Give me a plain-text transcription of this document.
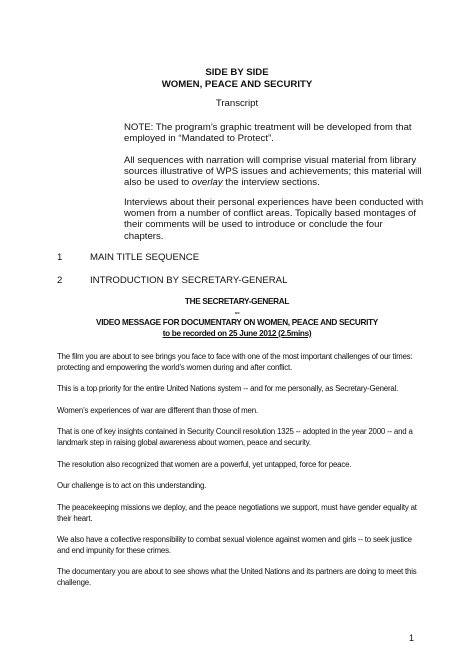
SIDE BY SIDE
WOMEN, PEACE AND SECURITY
Transcript
NOTE: The program’s graphic treatment will be developed from that employed in “Mandated to Protect”.
All sequences with narration will comprise visual material from library sources illustrative of WPS issues and achievements; this material will also be used to overlay the interview sections.
Interviews about their personal experiences have been conducted with women from a number of conflict areas. Topically based montages of their comments will be used to introduce or conclude the four chapters.
1	MAIN TITLE SEQUENCE
2	INTRODUCTION BY SECRETARY-GENERAL
THE SECRETARY-GENERAL
--
VIDEO MESSAGE FOR DOCUMENTARY ON WOMEN, PEACE AND SECURITY
to be recorded on 25 June 2012 (2.5mins)
The film you are about to see brings you face to face with one of the most important challenges of our times: protecting and empowering the world’s women during and after conflict.
This is a top priority for the entire United Nations system -- and for me personally, as Secretary-General.
Women’s experiences of war are different than those of men.
That is one of key insights contained in Security Council resolution 1325 -- adopted in the year 2000 -- and a landmark step in raising global awareness about women, peace and security.
The resolution also recognized that women are a powerful, yet untapped, force for peace.
Our challenge is to act on this understanding.
The peacekeeping missions we deploy, and the peace negotiations we support, must have gender equality at their heart.
We also have a collective responsibility to combat sexual violence against women and girls -- to seek justice and end impunity for these crimes.
The documentary you are about to see shows what the United Nations and its partners are doing to meet this challenge.
1
